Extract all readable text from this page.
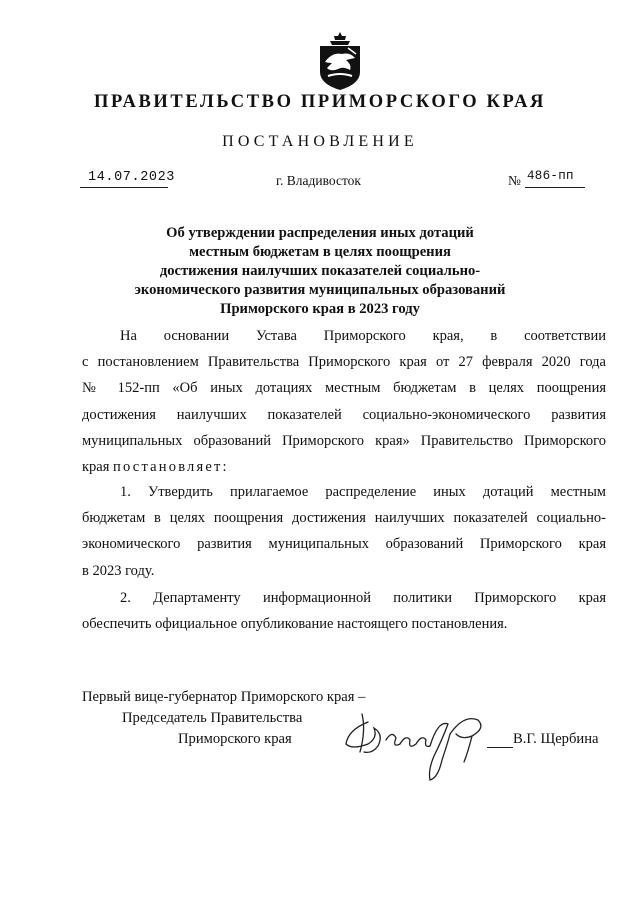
ПРАВИТЕЛЬСТВО ПРИМОРСКОГО КРАЯ
ПОСТАНОВЛЕНИЕ
14.07.2023	г. Владивосток	№ 486-пп
Об утверждении распределения иных дотаций
местным бюджетам в целях поощрения
достижения наилучших показателей социально-
экономического развития муниципальных образований
Приморского края в 2023 году
На основании Устава Приморского края, в соответствии
с постановлением Правительства Приморского края от 27 февраля 2020 года
№ 152-пп «Об иных дотациях местным бюджетам в целях поощрения
достижения наилучших показателей социально-экономического развития
муниципальных образований Приморского края» Правительство Приморского
края постановляет:
1. Утвердить прилагаемое распределение иных дотаций местным
бюджетам в целях поощрения достижения наилучших показателей социально-
экономического развития муниципальных образований Приморского края
в 2023 году.
2. Департаменту информационной политики Приморского края
обеспечить официальное опубликование настоящего постановления.
Первый вице-губернатор Приморского края –
Председатель Правительства
Приморского края	В.Г. Щербина
